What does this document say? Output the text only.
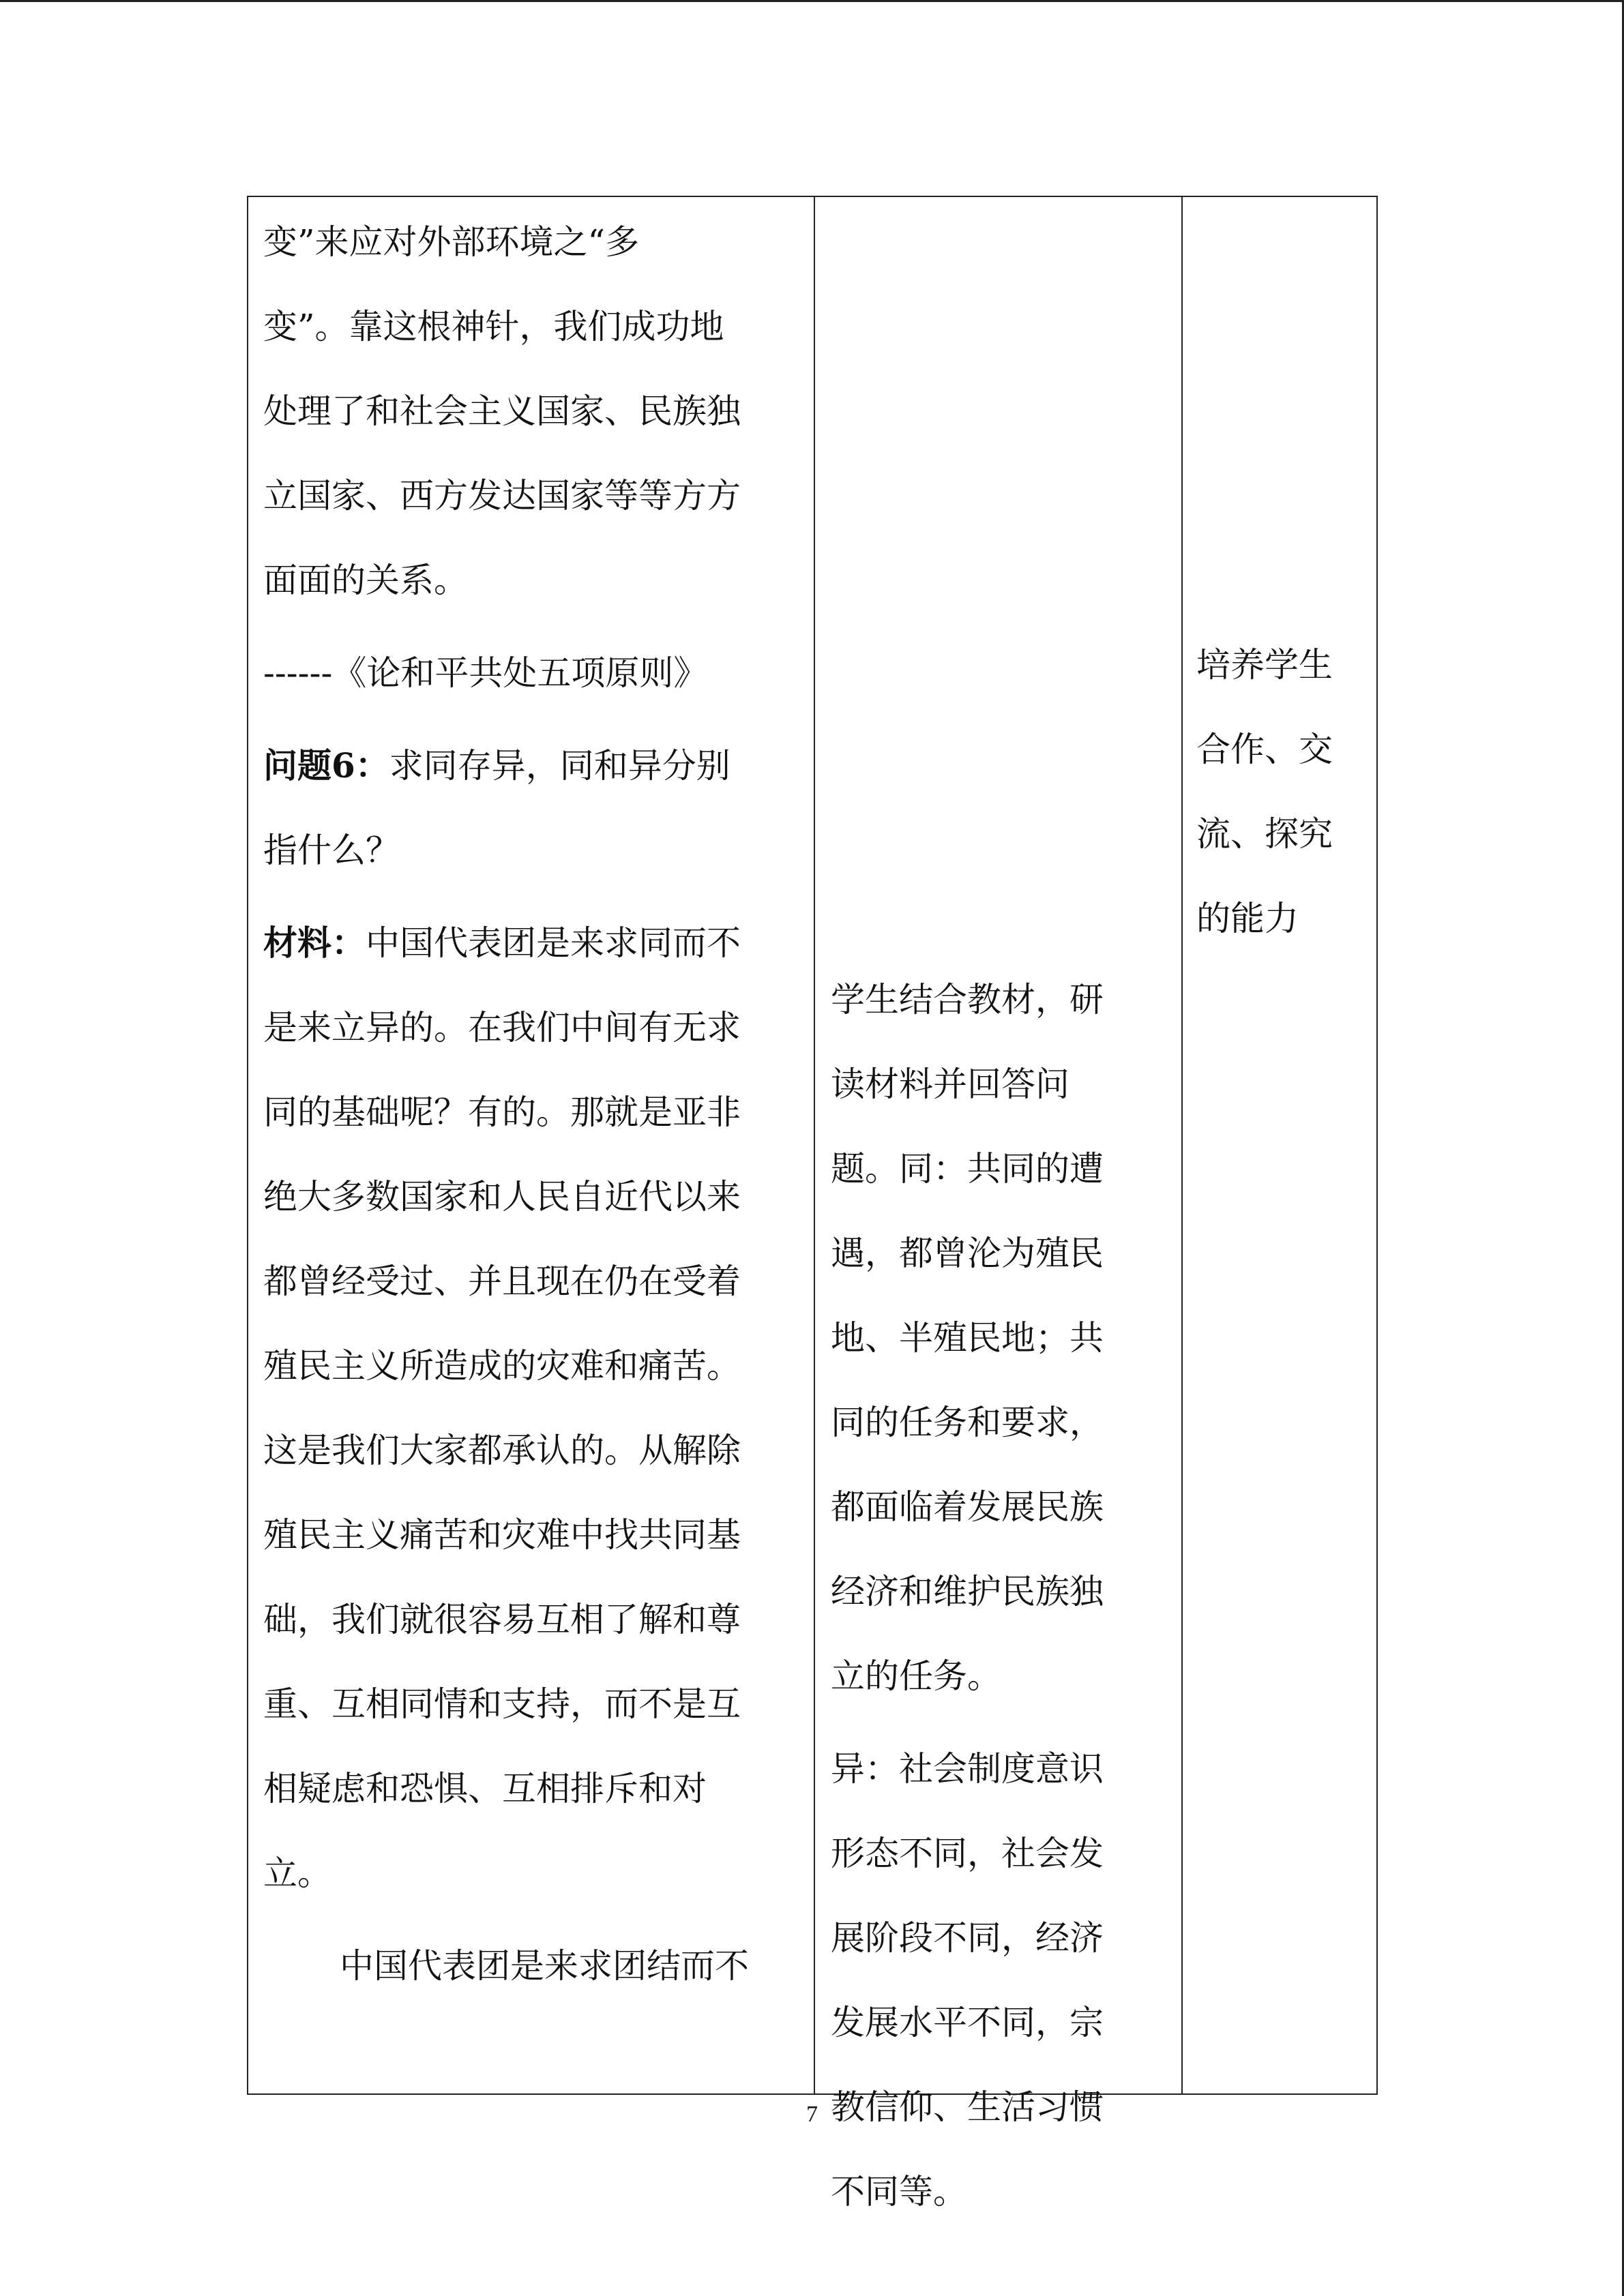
变”来应对外部环境之“多
变”。靠这根神针，我们成功地
处理了和社会主义国家、民族独
立国家、西方发达国家等等方方
面面的关系。
------《论和平共处五项原则》
问题6：求同存异，同和异分别
指什么？
材料：中国代表团是来求同而不
是来立异的。在我们中间有无求
同的基础呢？有的。那就是亚非
绝大多数国家和人民自近代以来
都曾经受过、并且现在仍在受着
殖民主义所造成的灾难和痛苦。
这是我们大家都承认的。从解除
殖民主义痛苦和灾难中找共同基
础，我们就很容易互相了解和尊
重、互相同情和支持，而不是互
相疑虑和恐惧、互相排斥和对
立。
中国代表团是来求团结而不
学生结合教材，研
读材料并回答问
题。同：共同的遭
遇，都曾沦为殖民
地、半殖民地；共
同的任务和要求，
都面临着发展民族
经济和维护民族独
立的任务。
异：社会制度意识
形态不同，社会发
展阶段不同，经济
发展水平不同，宗
教信仰、生活习惯
不同等。
培养学生
合作、交
流、探究
的能力
7
